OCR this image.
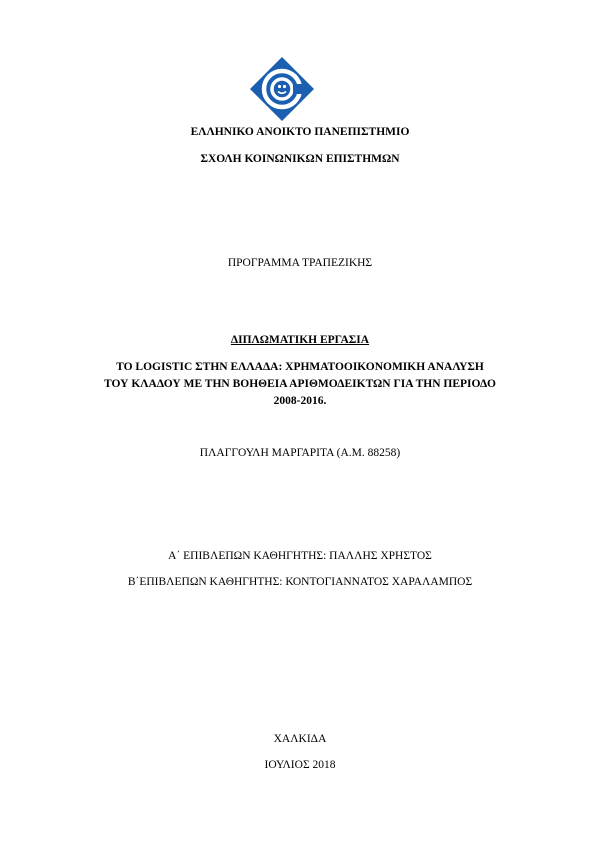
ΕΛΛΗΝΙΚΟ ΑΝΟΙΚΤΟ ΠΑΝΕΠΙΣΤΗΜΙΟ
ΣΧΟΛΗ ΚΟΙΝΩΝΙΚΩΝ ΕΠΙΣΤΗΜΩΝ
ΠΡΟΓΡΑΜΜΑ ΤΡΑΠΕΖΙΚΗΣ
ΔΙΠΛΩΜΑΤΙΚΗ ΕΡΓΑΣΙΑ
ΤΟ LOGISTIC ΣΤΗΝ ΕΛΛΑΔΑ: ΧΡΗΜΑΤΟΟΙΚΟΝΟΜΙΚΗ ΑΝΑΛΥΣΗ
ΤΟΥ ΚΛΑΔΟΥ ΜΕ ΤΗΝ ΒΟΗΘΕΙΑ ΑΡΙΘΜΟΔΕΙΚΤΩΝ ΓΙΑ ΤΗΝ ΠΕΡΙΟΔΟ
2008-2016.
ΠΛΑΓΓΟΥΛΗ ΜΑΡΓΑΡΙΤΑ (Α.Μ. 88258)
Α΄ ΕΠΙΒΛΕΠΩΝ ΚΑΘΗΓΗΤΗΣ: ΠΑΛΛΗΣ ΧΡΗΣΤΟΣ
Β΄ΕΠΙΒΛΕΠΩΝ ΚΑΘΗΓΗΤΗΣ: ΚΟΝΤΟΓΙΑΝΝΑΤΟΣ ΧΑΡΑΛΑΜΠΟΣ
ΧΑΛΚΙΔΑ
ΙΟΥΛΙΟΣ 2018
